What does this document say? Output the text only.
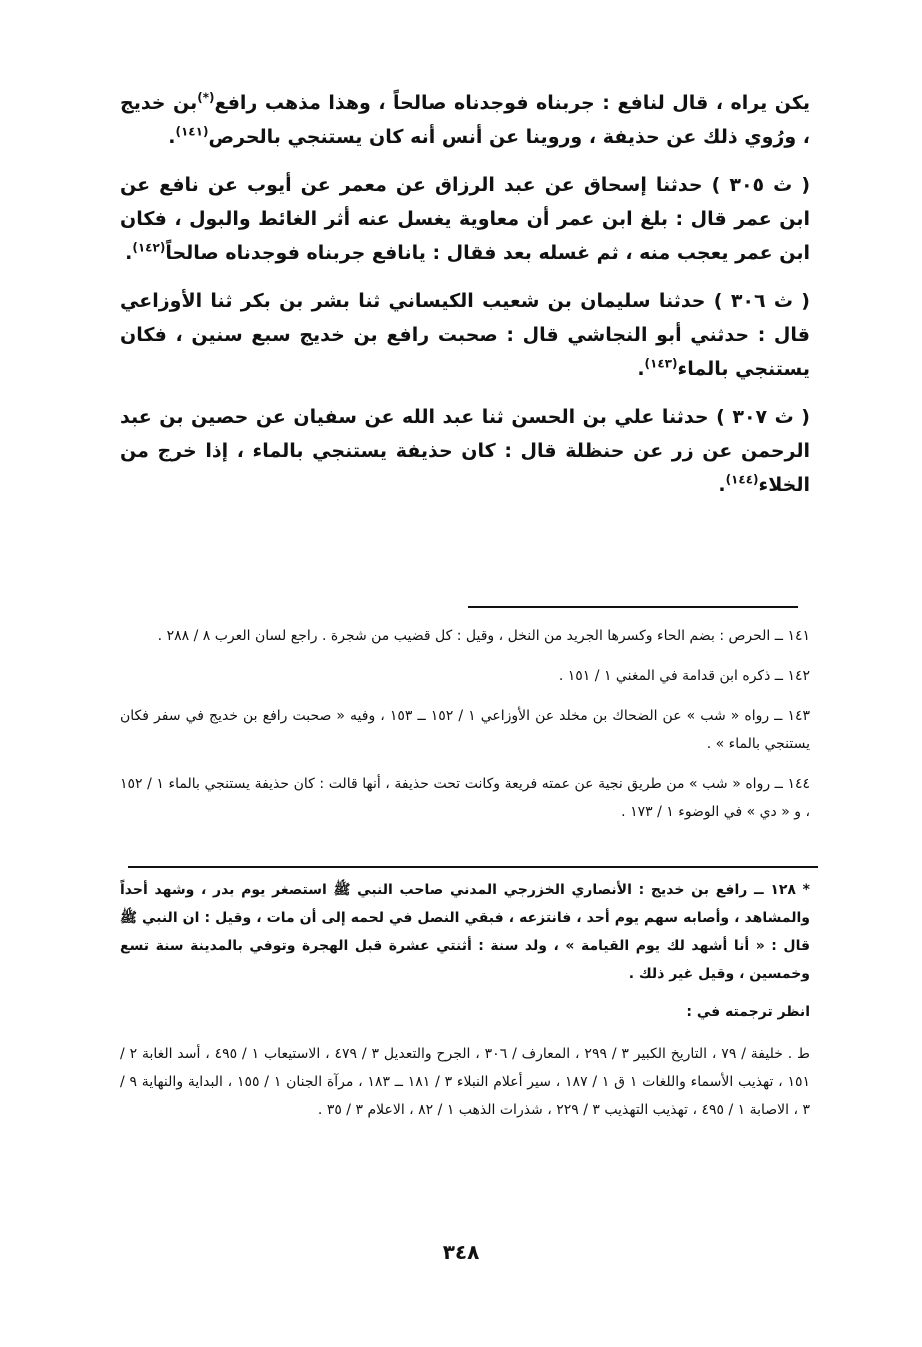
يكن يراه ، قال لنافع : جربناه فوجدناه صالحاً ، وهذا مذهب رافع(*)بن خديج ، ورُوي ذلك عن حذيفة ، وروينا عن أنس أنه كان يستنجي بالحرص$^{(١٤١)}$.

( ث ٣٠٥ ) حدثنا إسحاق عن عبد الرزاق عن معمر عن أيوب عن نافع عن ابن عمر قال : بلغ ابن عمر أن معاوية يغسل عنه أثر الغائط والبول ، فكان ابن عمر يعجب منه ، ثم غسله بعد فقال : يانافع جربناه فوجدناه صالحاً$^{(١٤٢)}$.

( ث ٣٠٦ ) حدثنا سليمان بن شعيب الكيساني ثنا بشر بن بكر ثنا الأوزاعي قال : حدثني أبو النجاشي قال : صحبت رافع بن خديج سبع سنين ، فكان يستنجي بالماء$^{(١٤٣)}$.

( ث ٣٠٧ ) حدثنا علي بن الحسن ثنا عبد الله عن سفيان عن حصين بن عبد الرحمن عن زر عن حنظلة قال : كان حذيفة يستنجي بالماء ، إذا خرج من الخلاء$^{(١٤٤)}$.

١٤١ ــ الحرص : بضم الحاء وكسرها الجريد من النخل ، وقيل : كل قضيب من شجرة . راجع لسان العرب ٨ / ٢٨٨ .

١٤٢ ــ ذكره ابن قدامة في المغني ١ / ١٥١ .

١٤٣ ــ رواه « شب » عن الضحاك بن مخلد عن الأوزاعي ١ / ١٥٢ ــ ١٥٣ ، وفيه « صحبت رافع بن خديج في سفر فكان يستنجي بالماء » .

١٤٤ ــ رواه « شب » من طريق نجية عن عمته فريعة وكانت تحت حذيفة ، أنها قالت : كان حذيفة يستنجي بالماء ١ / ١٥٢ ، و « دي » في الوضوء ١ / ١٧٣ .

* ١٢٨ ــ رافع بن خديج : الأنصاري الخزرجي المدني صاحب النبي ﷺ استصغر يوم بدر ، وشهد أحداً والمشاهد ، وأصابه سهم يوم أحد ، فانتزعه ، فبقي النصل في لحمه إلى أن مات ، وقيل : ان النبي ﷺ قال : « أنا أشهد لك يوم القيامة » ، ولد سنة : أثنتي عشرة قبل الهجرة وتوفي بالمدينة سنة تسع وخمسين ، وقيل غير ذلك .

انظر ترجمته في :

ط . خليفة / ٧٩ ، التاريخ الكبير ٣ / ٢٩٩ ، المعارف / ٣٠٦ ، الجرح والتعديل ٣ / ٤٧٩ ، الاستيعاب ١ / ٤٩٥ ، أسد الغابة ٢ / ١٥١ ، تهذيب الأسماء واللغات ١ ق ١ / ١٨٧ ، سير أعلام النبلاء ٣ / ١٨١ ــ ١٨٣ ، مرآة الجنان ١ / ١٥٥ ، البداية والنهاية ٩ / ٣ ، الاصابة ١ / ٤٩٥ ، تهذيب التهذيب ٣ / ٢٢٩ ، شذرات الذهب ١ / ٨٢ ، الاعلام ٣ / ٣٥ .

٣٤٨
